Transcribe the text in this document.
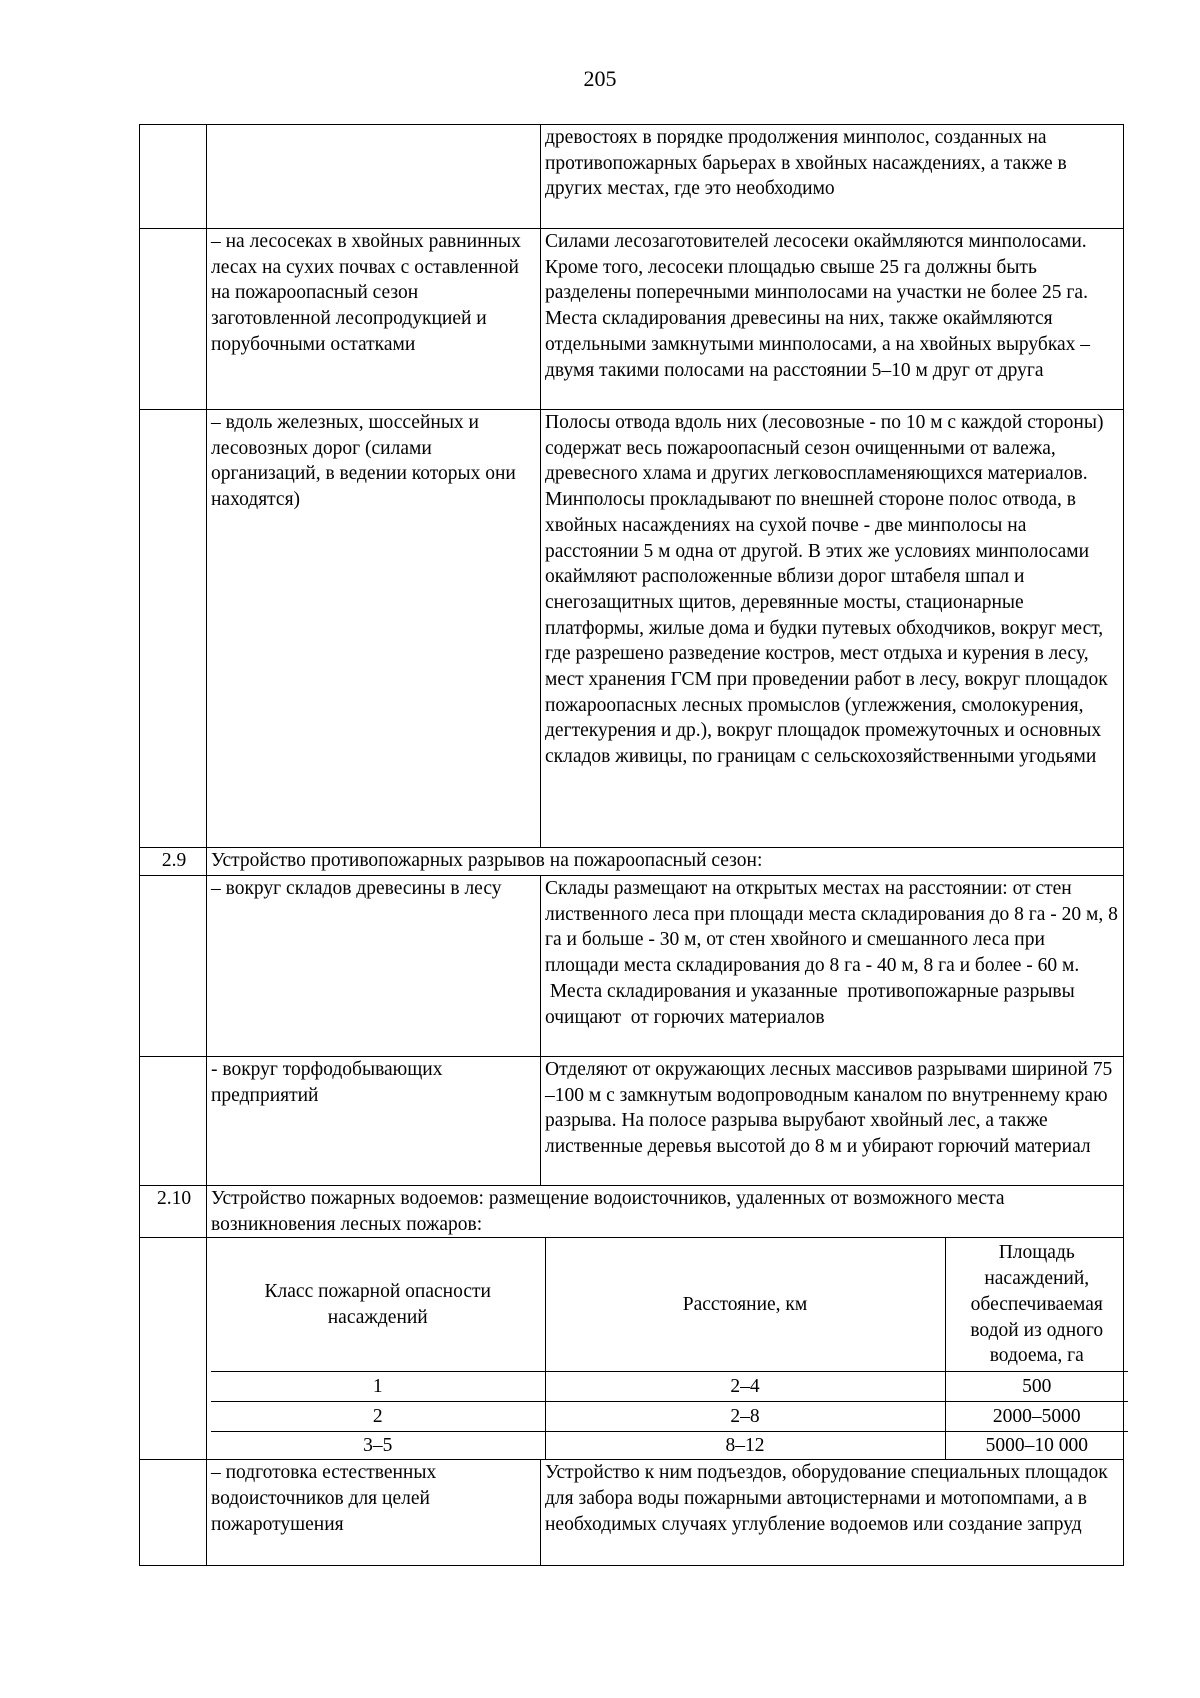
205
		древостоях в порядке продолжения минполос, созданных на противопожарных барьерах в хвойных насаждениях, а также в других местах, где это необходимо
	– на лесосеках в хвойных равнинных лесах на сухих почвах с оставленной на пожароопасный сезон заготовленной лесопродукцией и порубочными остатками	Силами лесозаготовителей лесосеки окаймляются минполосами. Кроме того, лесосеки площадью свыше 25 га должны быть разделены поперечными минполосами на участки не более 25 га. Места складирования древесины на них, также окаймляются отдельными замкнутыми минполосами, а на хвойных вырубках – двумя такими полосами на расстоянии 5–10 м друг от друга
	– вдоль железных, шоссейных и лесовозных дорог (силами организаций, в ведении которых они находятся)	Полосы отвода вдоль них (лесовозные - по 10 м с каждой стороны) содержат весь пожароопасный сезон очищенными от валежа, древесного хлама и других легковоспламеняющихся материалов. Минполосы прокладывают по внешней стороне полос отвода, в хвойных насаждениях на сухой почве - две минполосы на расстоянии 5 м одна от другой. В этих же условиях минполосами окаймляют расположенные вблизи дорог штабеля шпал и снегозащитных щитов, деревянные мосты, стационарные платформы, жилые дома и будки путевых обходчиков, вокруг мест, где разрешено разведение костров, мест отдыха и курения в лесу, мест хранения ГСМ при проведении работ в лесу, вокруг площадок пожароопасных лесных промыслов (углежжения, смолокурения, дегтекурения и др.), вокруг площадок промежуточных и основных складов живицы, по границам с сельскохозяйственными угодьями
2.9	Устройство противопожарных разрывов на пожароопасный сезон:
	– вокруг складов древесины в лесу	Склады размещают на открытых местах на расстоянии: от стен лиственного леса при площади места складирования до 8 га - 20 м, 8 га и больше - 30 м, от стен хвойного и смешанного леса при площади места складирования до 8 га - 40 м, 8 га и более - 60 м.
Места складирования и указанные  противопожарные разрывы очищают  от горючих материалов
	- вокруг торфодобывающих предприятий	Отделяют от окружающих лесных массивов разрывами шириной 75 –100 м с замкнутым водопроводным каналом по внутреннему краю разрыва. На полосе разрыва вырубают хвойный лес, а также лиственные деревья высотой до 8 м и убирают горючий материал
2.10	Устройство пожарных водоемов: размещение водоисточников, удаленных от возможного места возникновения лесных пожаров:

Класс пожарной опасности насаждений	Расстояние, км	Площадь насаждений, обеспечиваемая водой из одного водоема, га
1	2–4	500
2	2–8	2000–5000
3–5	8–12	5000–10 000

	– подготовка естественных водоисточников для целей пожаротушения	Устройство к ним подъездов, оборудование специальных площадок для забора воды пожарными автоцистернами и мотопомпами, а в необходимых случаях углубление водоемов или создание запруд
